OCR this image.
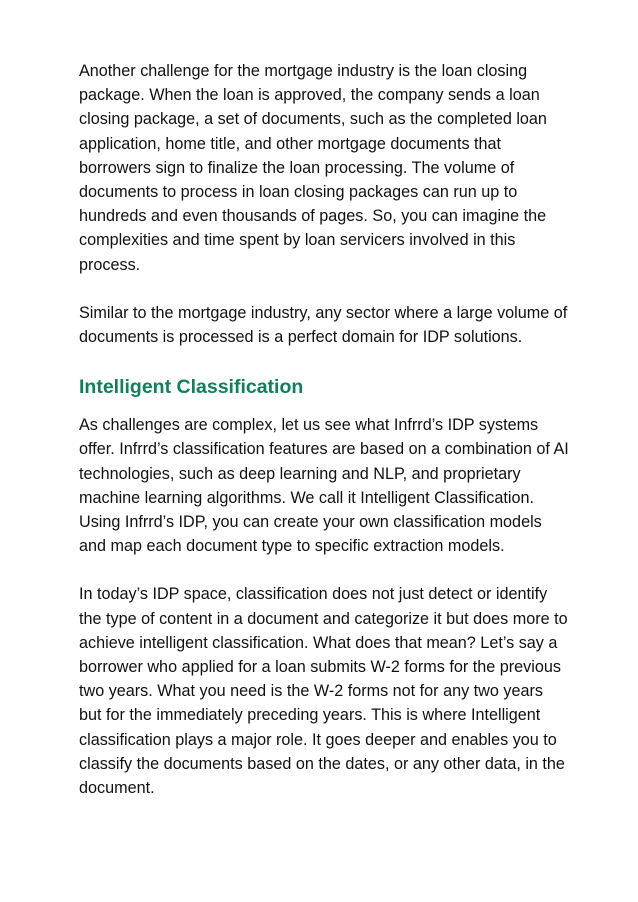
Another challenge for the mortgage industry is the loan closing package. When the loan is approved, the company sends a loan closing package, a set of documents, such as the completed loan application, home title, and other mortgage documents that borrowers sign to finalize the loan processing. The volume of documents to process in loan closing packages can run up to hundreds and even thousands of pages. So, you can imagine the complexities and time spent by loan servicers involved in this process.

Similar to the mortgage industry, any sector where a large volume of documents is processed is a perfect domain for IDP solutions.

Intelligent Classification

As challenges are complex, let us see what Infrrd’s IDP systems offer. Infrrd’s classification features are based on a combination of AI technologies, such as deep learning and NLP, and proprietary machine learning algorithms. We call it Intelligent Classification. Using Infrrd’s IDP, you can create your own classification models and map each document type to specific extraction models.

In today’s IDP space, classification does not just detect or identify the type of content in a document and categorize it but does more to achieve intelligent classification. What does that mean? Let’s say a borrower who applied for a loan submits W-2 forms for the previous two years. What you need is the W-2 forms not for any two years but for the immediately preceding years. This is where Intelligent classification plays a major role. It goes deeper and enables you to classify the documents based on the dates, or any other data, in the document.
